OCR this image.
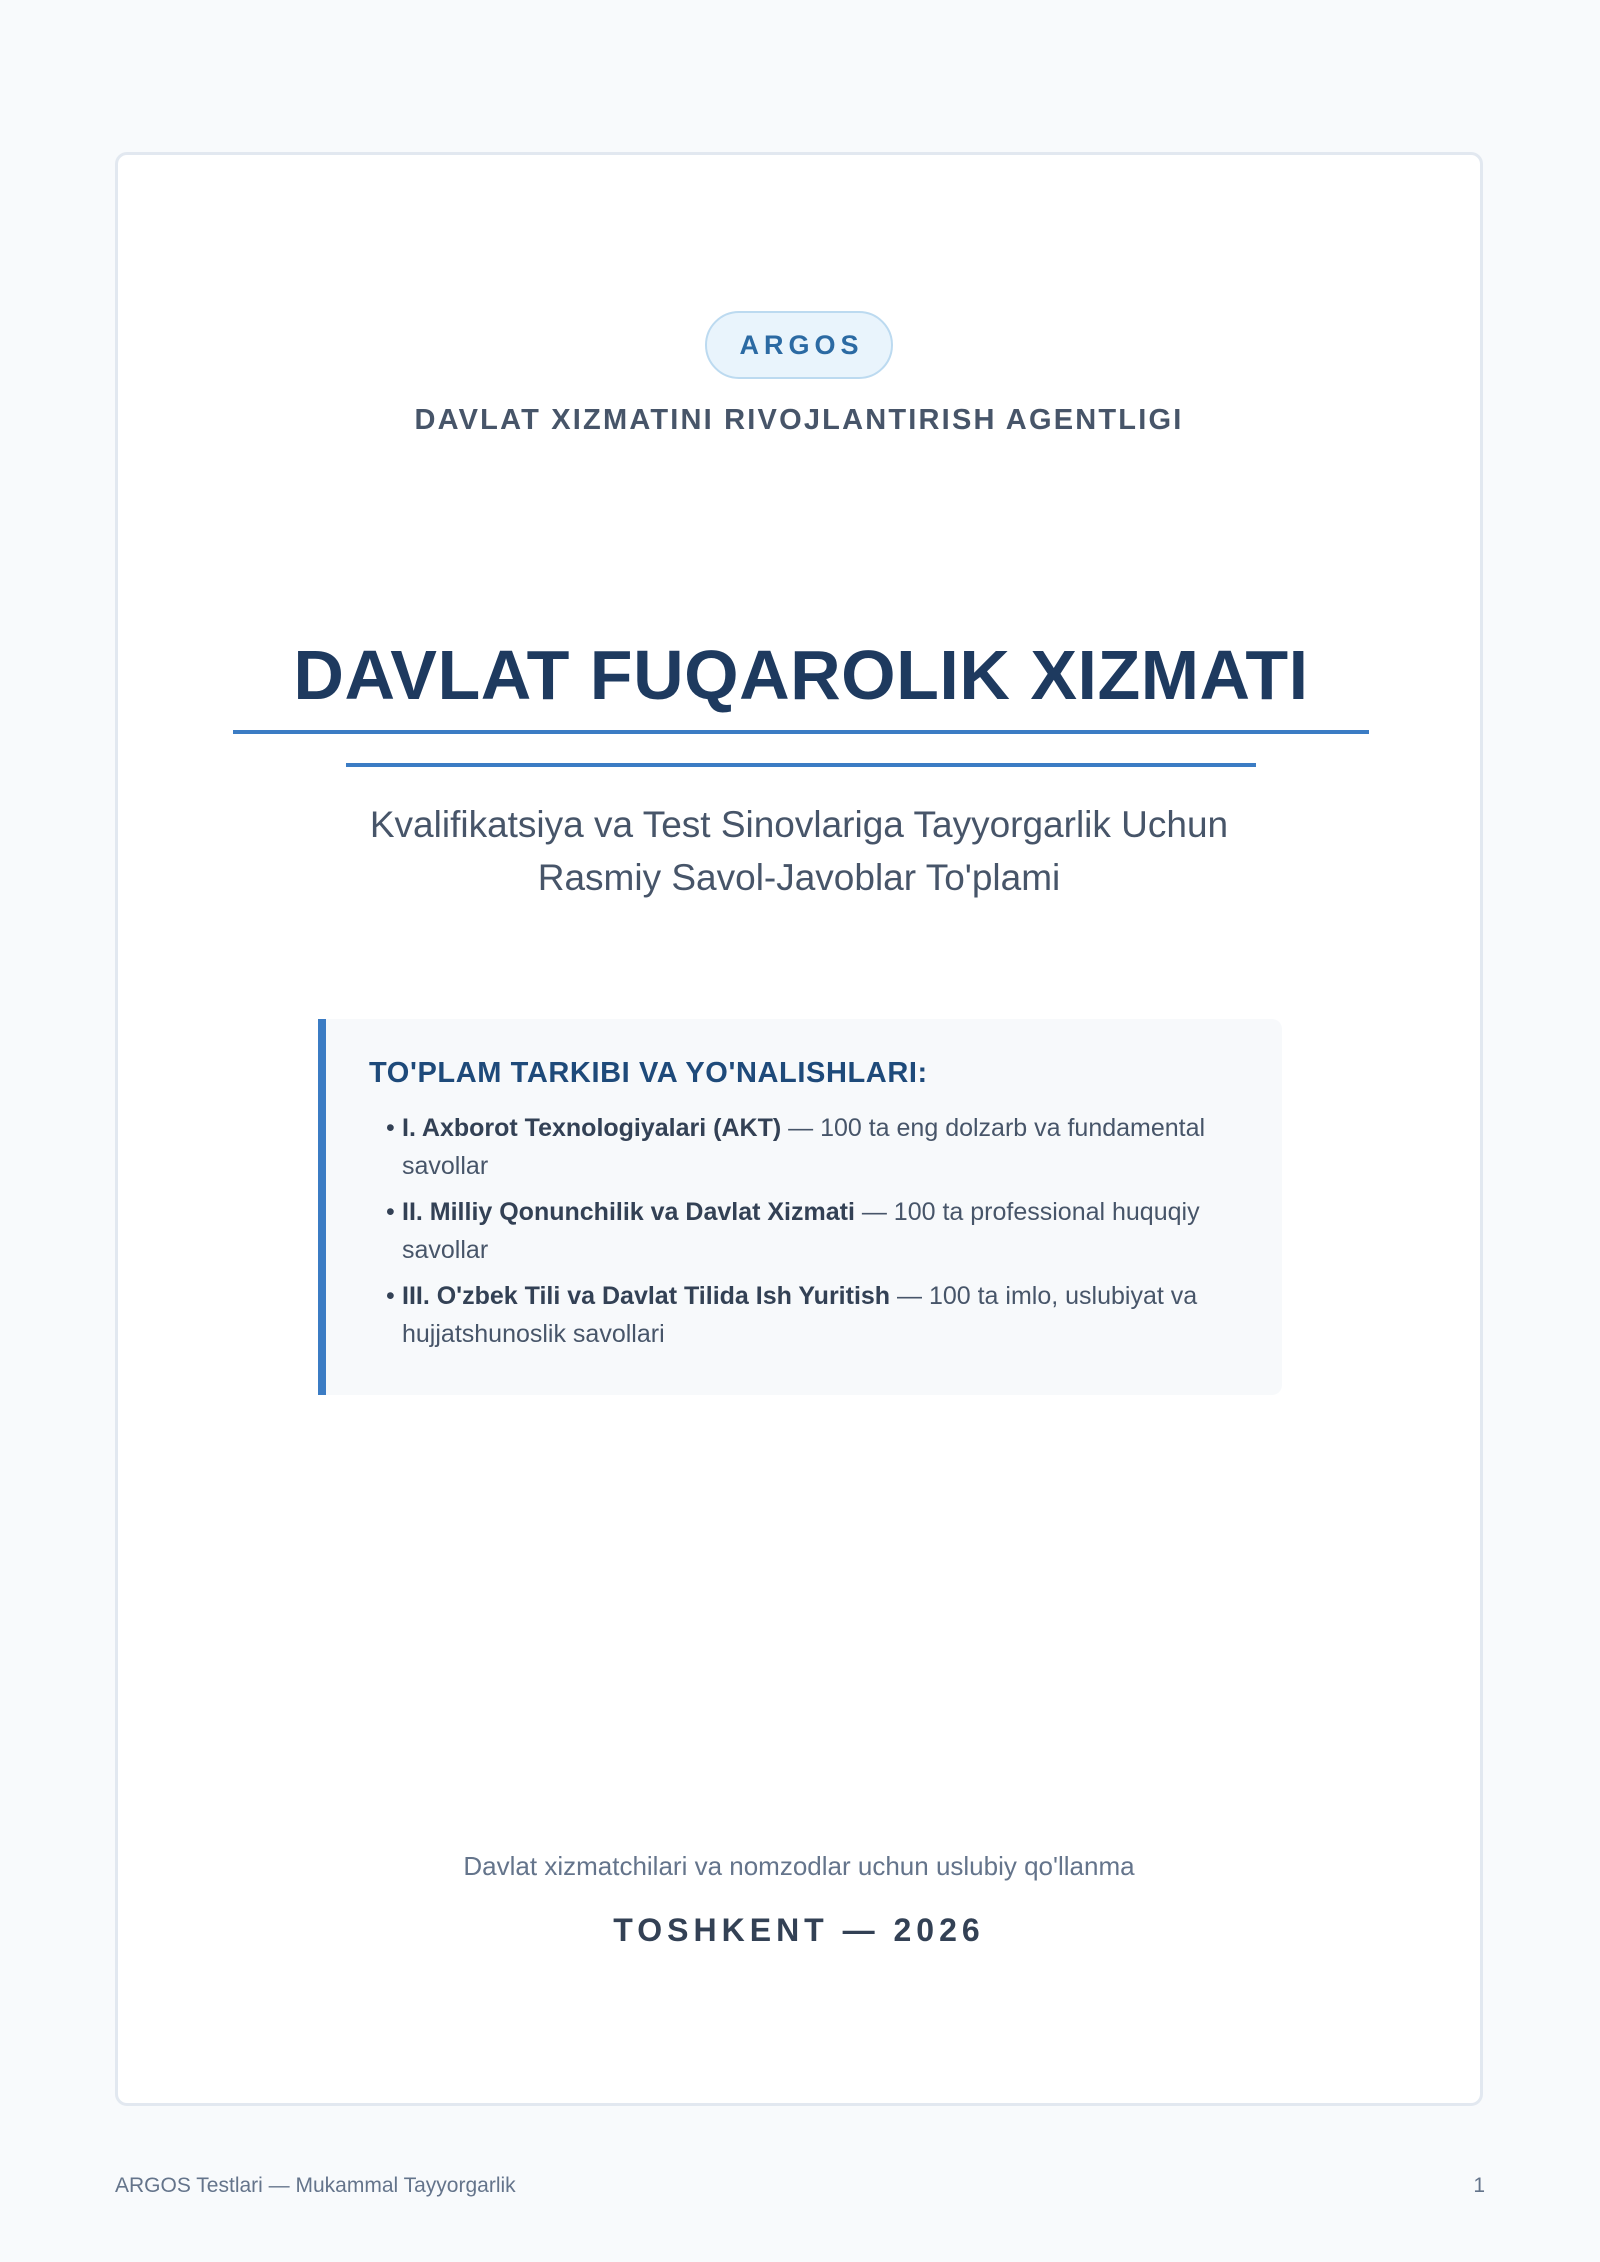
ARGOS
DAVLAT XIZMATINI RIVOJLANTIRISH AGENTLIGI
DAVLAT FUQAROLIK XIZMATI
Kvalifikatsiya va Test Sinovlariga Tayyorgarlik Uchun
Rasmiy Savol-Javoblar To'plami
TO'PLAM TARKIBI VA YO'NALISHLARI:
• I. Axborot Texnologiyalari (AKT) — 100 ta eng dolzarb va fundamental savollar
• II. Milliy Qonunchilik va Davlat Xizmati — 100 ta professional huquqiy savollar
• III. O'zbek Tili va Davlat Tilida Ish Yuritish — 100 ta imlo, uslubiyat va hujjatshunoslik savollari
Davlat xizmatchilari va nomzodlar uchun uslubiy qo'llanma
TOSHKENT — 2026
ARGOS Testlari — Mukammal Tayyorgarlik	1
